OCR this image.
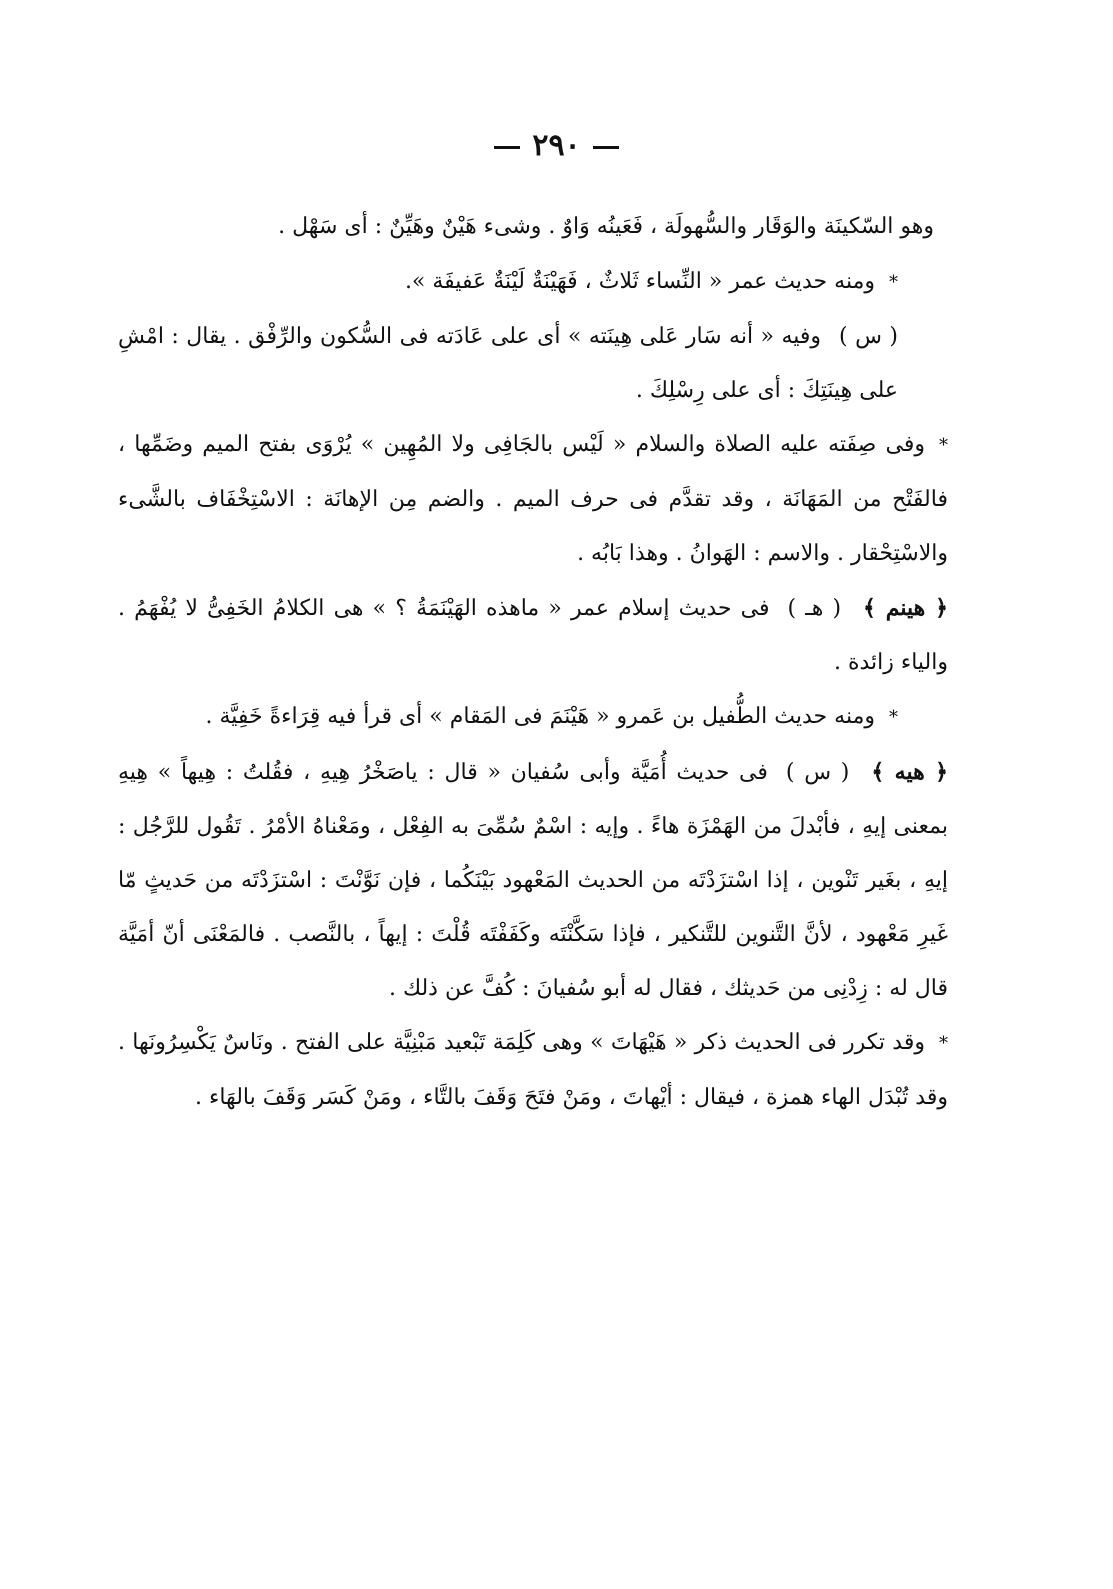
٢٩٠

وهو السّكينَة والوَقَار والسُّهولَة ، فَعَينُه وَاوٌ . وشىء هَيْنٌ وهَيِّنٌ : أى سَهْل .

*ومنه حديث عمر « النِّساء ثَلاثٌ ، فَهَيْنَةٌ لَيْنَةٌ عَفيفَة ».

( س )وفيه « أنه سَار عَلى هِينَته » أى على عَادَته فى السُّكون والرِّفْق . يقال : امْشِ على هِينَتِكَ : أى على رِسْلِكَ .

*وفى صِفَته عليه الصلاة والسلام « لَيْس بالجَافِى ولا المُهِين » يُرْوَى بفتح الميم وضَمِّها ، فالفَتْح من المَهَانَة ، وقد تقدَّم فى حرف الميم . والضم مِن الإهانَة : الاسْتِخْفَاف بالشَّىء والاسْتِحْقار . والاسم : الهَوانُ . وهذا بَابُه .

﴿ هينم ﴾( هـ )فى حديث إسلام عمر « ماهذه الهَيْنَمَةُ ؟ » هى الكلامُ الخَفِىُّ لا يُفْهَمُ . والياء زائدة .

*ومنه حديث الطُّفيل بن عَمرو « هَيْنَمَ فى المَقام » أى قرأ فيه قِرَاءةً خَفِيَّة .

﴿ هيه ﴾( س )فى حديث أُمَيَّة وأبى سُفيان « قال : ياصَخْرُ هِيهِ ، فقُلتُ : هِيهاً » هِيهِ بمعنى إيهِ ، فأبْدلَ من الهَمْزَة هاءً . وإيه : اسْمٌ سُمِّىَ به الفِعْل ، ومَعْناهُ الأمْرُ . تَقُول للرَّجُل : إيهِ ، بغَير تَنْوين ، إذا اسْتزَدْتَه من الحديث المَعْهود بَيْنَكُما ، فإن نَوَّنْتَ : اسْتزَدْتَه من حَديثٍ مّا غَيرِ مَعْهود ، لأنَّ التَّنوين للتَّنكير ، فإذا سَكَّنْتَه وكَفَفْتَه قُلْتَ : إيهاً ، بالنَّصب . فالمَعْنَى أنّ أمَيَّة قال له : زِدْنِى من حَديثك ، فقال له أبو سُفيانَ : كُفَّ عن ذلك .

*وقد تكرر فى الحديث ذكر « هَيْهَاتَ » وهى كَلِمَة تَبْعيد مَبْنِيَّة على الفتح . ونَاسٌ يَكْسِرُونَها . وقد تُبْدَل الهاء همزة ، فيقال : أيْهاتَ ، ومَنْ فتَحَ وَقَفَ بالتَّاء ، ومَنْ كَسَر وَقَفَ بالهَاء .
